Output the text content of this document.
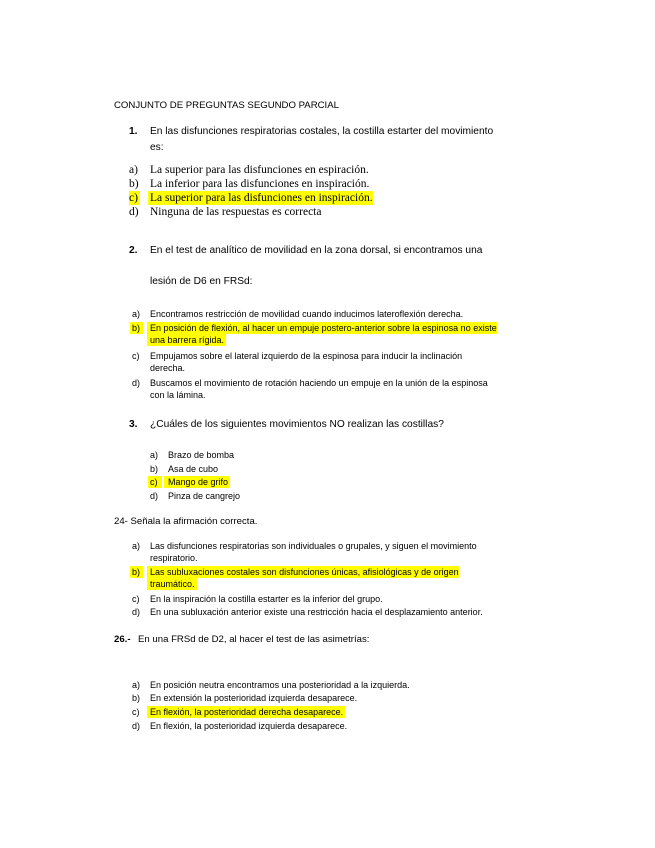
CONJUNTO DE PREGUNTAS SEGUNDO PARCIAL
1. En las disfunciones respiratorias costales, la costilla estarter del movimiento
es:
a) La superior para las disfunciones en espiración.
b) La inferior para las disfunciones en inspiración.
c) La superior para las disfunciones en inspiración.
d) Ninguna de las respuestas es correcta
2. En el test de analítico de movilidad en la zona dorsal, si encontramos una
lesión de D6 en FRSd:
a) Encontramos restricción de movilidad cuando inducimos lateroflexión derecha.
b)	En posición de flexión, al hacer un empuje postero-anterior sobre la espinosa no existe
una barrera rígida.
c) Empujamos sobre el lateral izquierdo de la espinosa para inducir la inclinación
derecha.
d) Buscamos el movimiento de rotación haciendo un empuje en la unión de la espinosa
con la lámina.
3. ¿Cuáles de los siguientes movimientos NO realizan las costillas?
a) Brazo de bomba
b) Asa de cubo
c)	Mango de grifo
d) Pinza de cangrejo
24- Señala la afirmación correcta.
a) Las disfunciones respiratorias son individuales o grupales, y siguen el movimiento
respiratorio.
b)	Las subluxaciones costales son disfunciones únicas, afisiológicas y de origen
traumático.
c) En la inspiración la costilla estarter es la inferior del grupo.
d) En una subluxación anterior existe una restricción hacia el desplazamiento anterior.
26.- En una FRSd de D2, al hacer el test de las asimetrías:
a) En posición neutra encontramos una posterioridad a la izquierda.
b) En extensión la posterioridad izquierda desaparece.
c)	En flexión, la posterioridad derecha desaparece.
d) En flexión, la posterioridad izquierda desaparece.
